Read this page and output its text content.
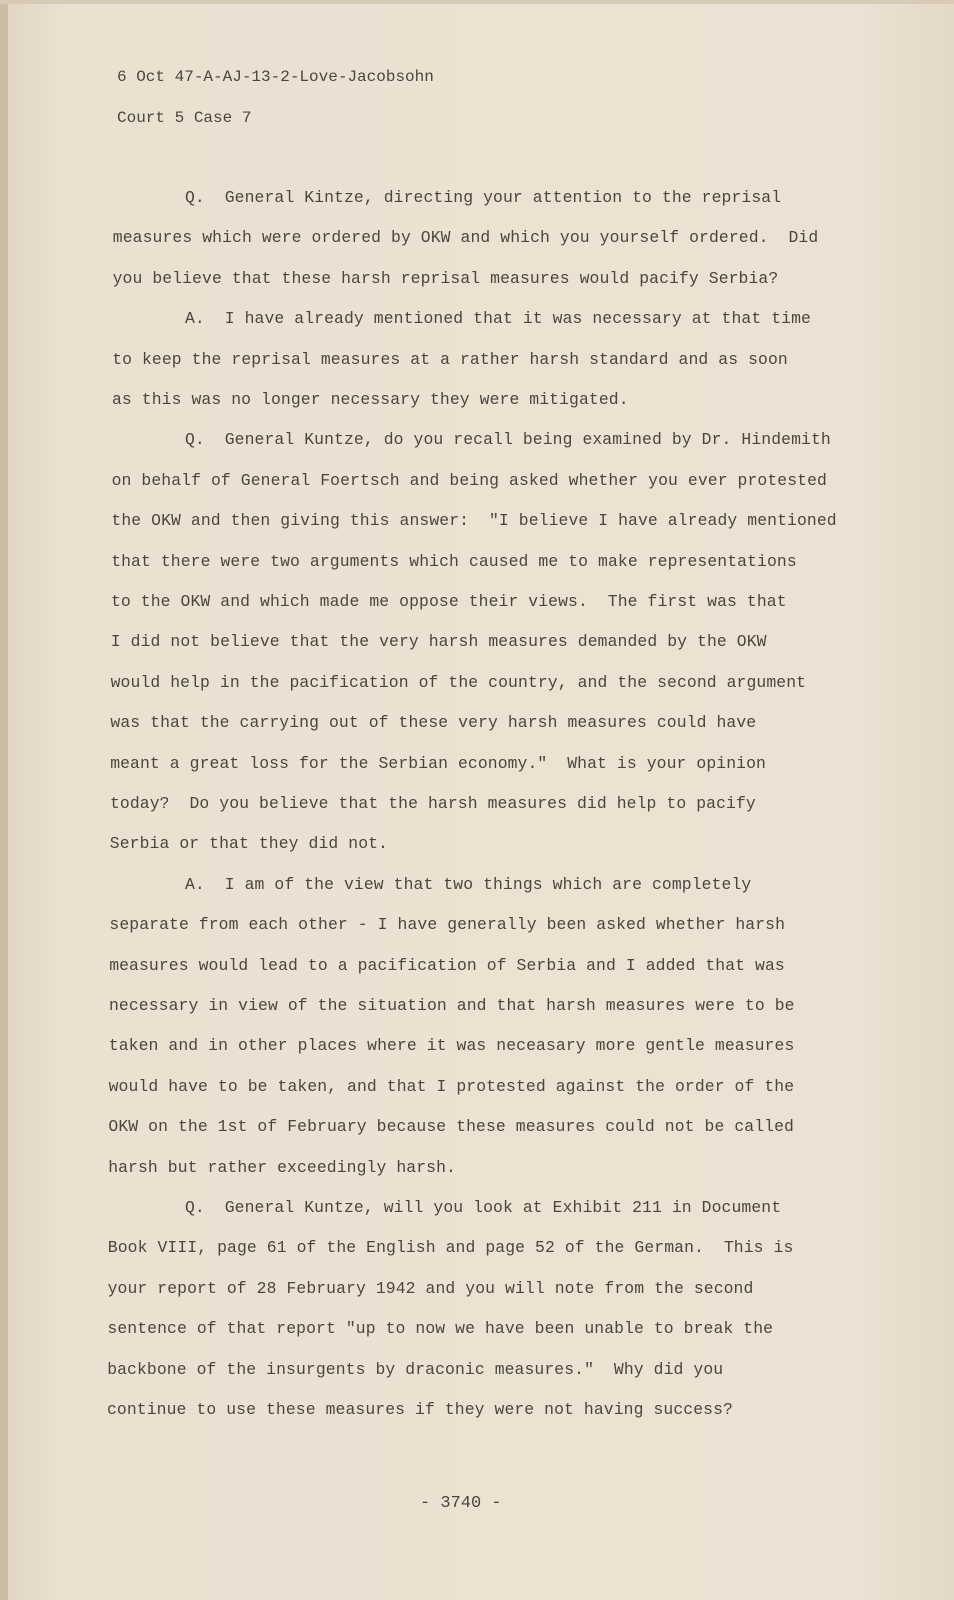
6 Oct 47-A-AJ-13-2-Love-Jacobsohn
Court 5 Case 7
Q.  General Kintze, directing your attention to the reprisal
measures which were ordered by OKW and which you yourself ordered.  Did
you believe that these harsh reprisal measures would pacify Serbia?
A.  I have already mentioned that it was necessary at that time
to keep the reprisal measures at a rather harsh standard and as soon
as this was no longer necessary they were mitigated.
Q.  General Kuntze, do you recall being examined by Dr. Hindemith
on behalf of General Foertsch and being asked whether you ever protested
the OKW and then giving this answer:  "I believe I have already mentioned
that there were two arguments which caused me to make representations
to the OKW and which made me oppose their views.  The first was that
I did not believe that the very harsh measures demanded by the OKW
would help in the pacification of the country, and the second argument
was that the carrying out of these very harsh measures could have
meant a great loss for the Serbian economy."  What is your opinion
today?  Do you believe that the harsh measures did help to pacify
Serbia or that they did not.
A.  I am of the view that two things which are completely
separate from each other - I have generally been asked whether harsh
measures would lead to a pacification of Serbia and I added that was
necessary in view of the situation and that harsh measures were to be
taken and in other places where it was neceasary more gentle measures
would have to be taken, and that I protested against the order of the
OKW on the 1st of February because these measures could not be called
harsh but rather exceedingly harsh.
Q.  General Kuntze, will you look at Exhibit 211 in Document
Book VIII, page 61 of the English and page 52 of the German.  This is
your report of 28 February 1942 and you will note from the second
sentence of that report "up to now we have been unable to break the
backbone of the insurgents by draconic measures."  Why did you
continue to use these measures if they were not having success?
- 3740 -
